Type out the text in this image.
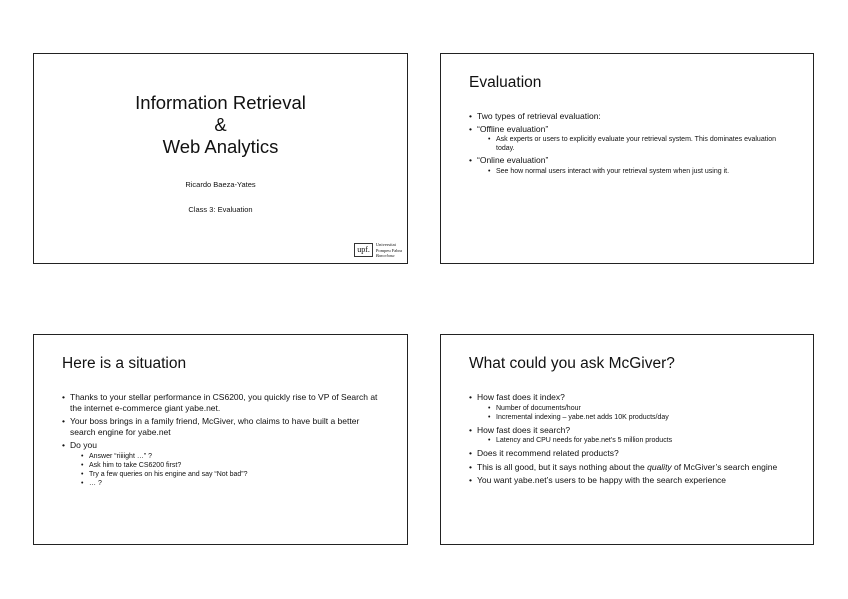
Information Retrieval
&
Web Analytics
Ricardo Baeza-Yates
Class 3: Evaluation
upf.
Universitat
Pompeu Fabra
Barcelona
Evaluation
• Two types of retrieval evaluation:
• “Offline evaluation”
• Ask experts or users to explicitly evaluate your retrieval system. This dominates evaluation today.
• “Online evaluation”
• See how normal users interact with your retrieval system when just using it.
Here is a situation
• Thanks to your stellar performance in CS6200, you quickly rise to VP of Search at the internet e-commerce giant yabe.net.
• Your boss brings in a family friend, McGiver, who claims to have built a better search engine for yabe.net
• Do you
• Answer “riiiight …” ?
• Ask him to take CS6200 first?
• Try a few queries on his engine and say “Not bad”?
• … ?
What could you ask McGiver?
• How fast does it index?
• Number of documents/hour
• Incremental indexing – yabe.net adds 10K products/day
• How fast does it search?
• Latency and CPU needs for yabe.net’s 5 million products
• Does it recommend related products?
• This is all good, but it says nothing about the quality of McGiver’s search engine
• You want yabe.net’s users to be happy with the search experience
